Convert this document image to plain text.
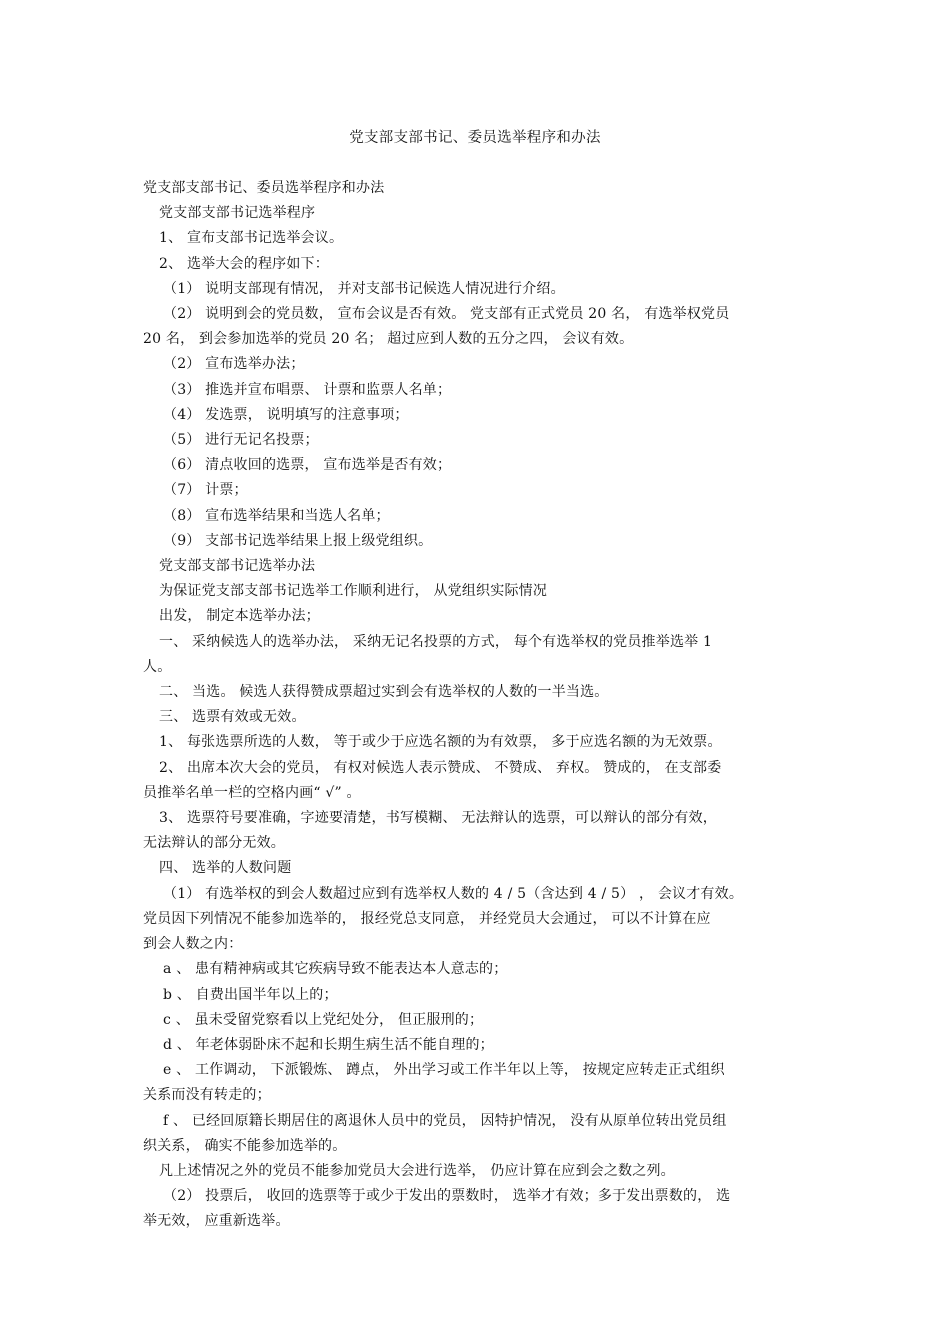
党支部支部书记、委员选举程序和办法

党支部支部书记、委员选举程序和办法

党支部支部书记选举程序

1、 宣布支部书记选举会议。

2、 选举大会的程序如下：

（1） 说明支部现有情况， 并对支部书记候选人情况进行介绍。

（2） 说明到会的党员数， 宣布会议是否有效。 党支部有正式党员 20 名， 有选举权党员

20 名， 到会参加选举的党员 20 名； 超过应到人数的五分之四， 会议有效。

（2） 宣布选举办法；

（3） 推选并宣布唱票、 计票和监票人名单；

（4） 发选票， 说明填写的注意事项；

（5） 进行无记名投票；

（6） 清点收回的选票， 宣布选举是否有效；

（7） 计票；

（8） 宣布选举结果和当选人名单；

（9） 支部书记选举结果上报上级党组织。

党支部支部书记选举办法

为保证党支部支部书记选举工作顺利进行， 从党组织实际情况

出发， 制定本选举办法；

一、 采纳候选人的选举办法， 采纳无记名投票的方式， 每个有选举权的党员推举选举 1

人。

二、 当选。 候选人获得赞成票超过实到会有选举权的人数的一半当选。

三、 选票有效或无效。

1、 每张选票所选的人数， 等于或少于应选名额的为有效票， 多于应选名额的为无效票。

2、 出席本次大会的党员， 有权对候选人表示赞成、 不赞成、 弃权。 赞成的， 在支部委

员推举名单一栏的空格内画“ √” 。

3、 选票符号要准确，字迹要清楚，书写模糊、 无法辩认的选票，可以辩认的部分有效，

无法辩认的部分无效。

四、 选举的人数问题

（1） 有选举权的到会人数超过应到有选举权人数的 4 / 5（含达到 4 / 5） ， 会议才有效。

党员因下列情况不能参加选举的， 报经党总支同意， 并经党员大会通过， 可以不计算在应

到会人数之内：

a 、 患有精神病或其它疾病导致不能表达本人意志的；

b 、 自费出国半年以上的；

c 、 虽未受留党察看以上党纪处分， 但正服刑的；

d 、 年老体弱卧床不起和长期生病生活不能自理的；

e 、 工作调动， 下派锻炼、 蹲点， 外出学习或工作半年以上等， 按规定应转走正式组织

关系而没有转走的；

f 、 已经回原籍长期居住的离退休人员中的党员， 因特护情况， 没有从原单位转出党员组

织关系， 确实不能参加选举的。

凡上述情况之外的党员不能参加党员大会进行选举， 仍应计算在应到会之数之列。

（2） 投票后， 收回的选票等于或少于发出的票数时， 选举才有效；多于发出票数的， 选

举无效， 应重新选举。
